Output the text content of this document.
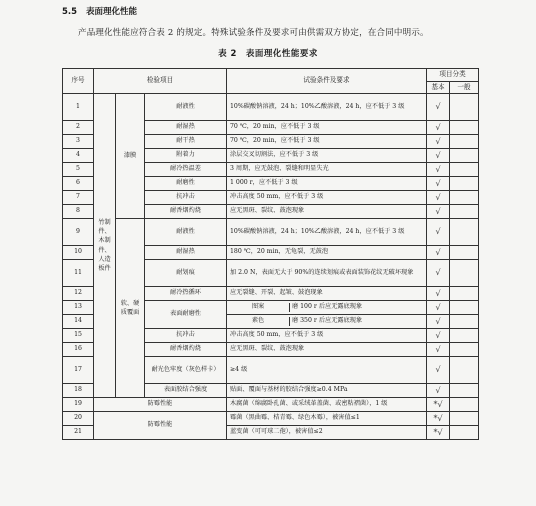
5.5 表面理化性能
产品理化性能应符合表 2 的规定。特殊试验条件及要求可由供需双方协定，在合同中明示。
表 2　表面理化性能要求
序号	检验项目			试验条件及要求	项目分类	
					基本	一般
1	竹制件、木制件、人造板件	漆膜	耐液性	10%碳酸钠溶液，24 h；10%乙酸溶液，24 h，应不低于 3 级	√	
2			耐湿热	70 ℃，20 min，应不低于 3 级	√	
3			耐干热	70 ℃，20 min，应不低于 3 级	√	
4			附着力	涂层交叉切割法，应不低于 3 级	√	
5			耐冷热温差	3 周期，应无鼓泡、裂缝和明显失光	√	
6			耐磨性	1 000 r，应不低于 3 级	√	
7			抗冲击	冲击高度 50 mm，应不低于 3 级	√	
8			耐香烟灼烧	应无黑斑、裂纹、鼓泡现象	√	
9		软、硬质覆面	耐液性	10%碳酸钠溶液，24 h；10%乙酸溶液，24 h，应不低于 3 级	√	
10			耐湿热	180 ℃，20 min，无龟裂，无鼓泡	√	
11			耐划痕	加 2.0 N，表面无大于 90%的连续划痕或表面装饰花纹无破坏现象	√	
12			耐冷热循环	应无裂缝、开裂、起皱、鼓泡现象	√	
13			表面耐磨性	图案 磨 100 r 后应无露底现象	√	
14				素色 磨 350 r 后应无露底现象	√	
15			抗冲击	冲击高度 50 mm，应不低于 3 级	√	
16			耐香烟灼烧	应无黑斑、裂纹、鼓泡现象	√	
17			耐光色牢度（灰色样卡）	≥4 级	√	
18			表面胶结合强度	贴面、覆面与基材的胶结合强度≥0.4 MPa	√	
19	防霉性能			木腐菌（绵腐卧孔菌、或采绒革盖菌、或密粘褶菌），1 级	*√	
20	防霉性能			霉菌（黑曲霉、桔青霉、绿色木霉），被害值≤1	*√	
21				蓝变菌（可可球二孢），被害值≤2	*√	
